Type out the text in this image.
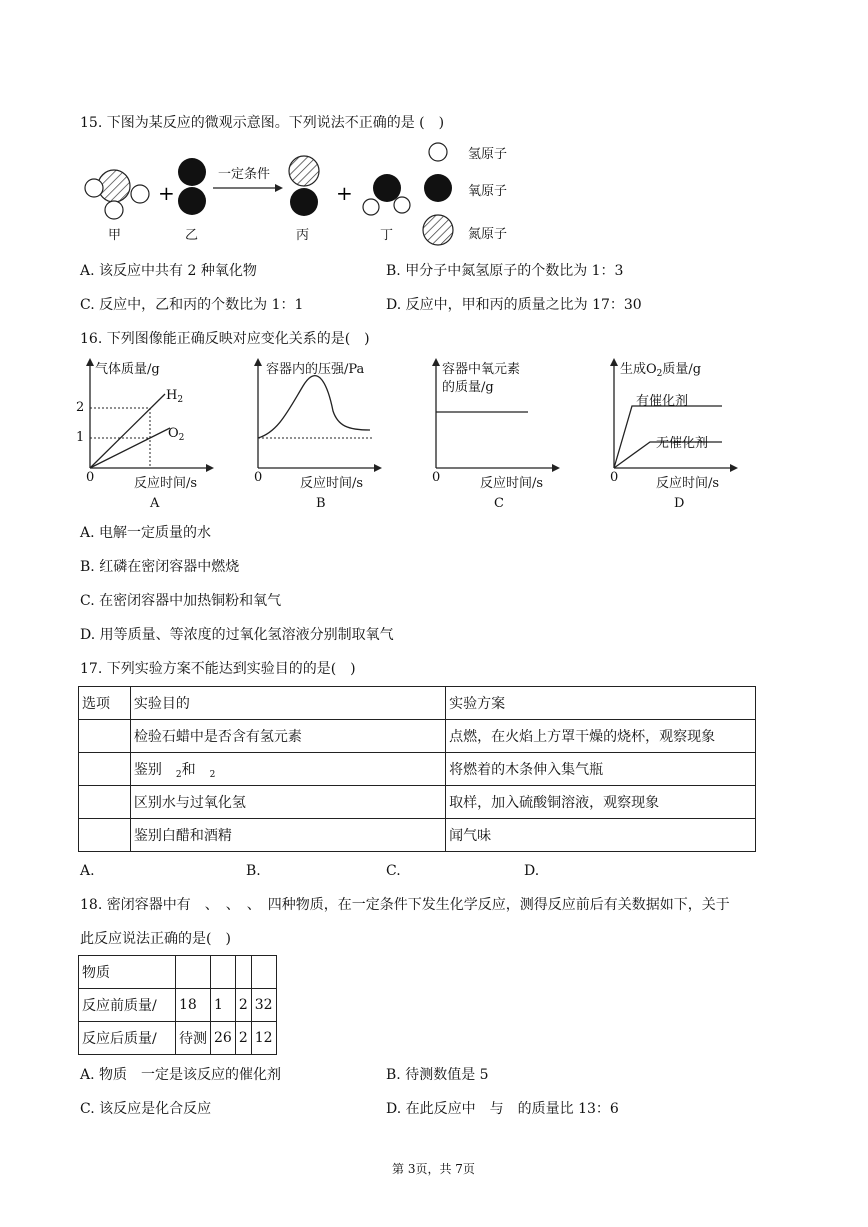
15. 下图为某反应的微观示意图。下列说法不正确的是 (　)
+	+
一定条件
甲	乙	丙	丁
氢原子
氧原子
氮原子
A. 该反应中共有 2 种氧化物	B. 甲分子中氮氢原子的个数比为 1：3
C. 反应中，乙和丙的个数比为 1：1	D. 反应中，甲和丙的质量之比为 17：30
16. 下列图像能正确反映对应变化关系的是(　)
气体质量/g
2
1
$H_2$
$O_2$
0	反应时间/s
A
容器内的压强/Pa
0	反应时间/s
B
容器中氧元素
的质量/g
0	反应时间/s
C
生成$O_2$质量/g
有催化剂
无催化剂
0	反应时间/s
D
A. 电解一定质量的水
B. 红磷在密闭容器中燃烧
C. 在密闭容器中加热铜粉和氧气
D. 用等质量、等浓度的过氧化氢溶液分别制取氧气
17. 下列实验方案不能达到实验目的的是(　)
选项	实验目的	实验方案
	检验石蜡中是否含有氢元素	点燃，在火焰上方罩干燥的烧杯，观察现象
	鉴别  $_2$和  $_2$	将燃着的木条伸入集气瓶
	区别水与过氧化氢	取样，加入硫酸铜溶液，观察现象
	鉴别白醋和酒精	闻气味
A.	B.	C.	D.
18. 密闭容器中有　、　、　、　四种物质，在一定条件下发生化学反应，测得反应前后有关数据如下，关于
此反应说法正确的是(　)
物质				
反应前质量/	18	1	2	32
反应后质量/	待测	26	2	12
A. 物质　一定是该反应的催化剂	B. 待测数值是 5
C. 该反应是化合反应	D. 在此反应中　与　的质量比 13：6
第 3页，共 7页
